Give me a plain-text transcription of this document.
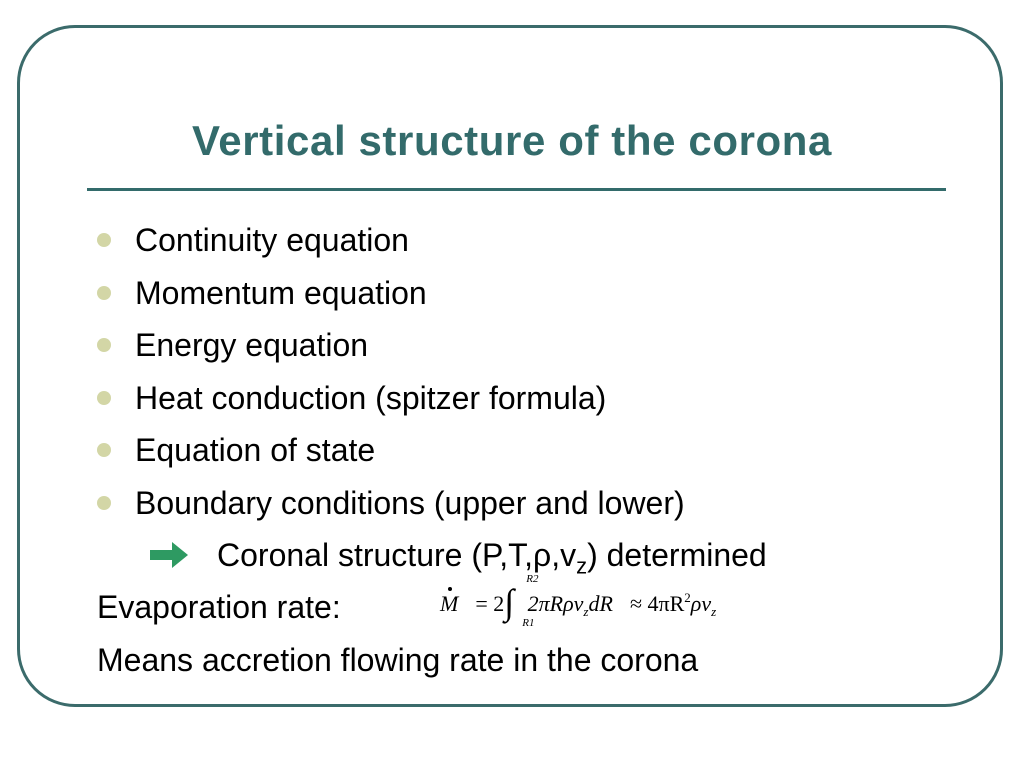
Vertical structure of the corona
Continuity equation
Momentum equation
Energy equation
Heat conduction (spitzer formula)
Equation of state
Boundary conditions (upper and lower)
Coronal structure $(P,T,\rho,v_z)$ determined
Evaporation rate:	M = 2∫
R2
R1
$2\pi R\rho v_zdR \approx 4\pi R^2\rho v_z$
Means accretion flowing rate in the corona
